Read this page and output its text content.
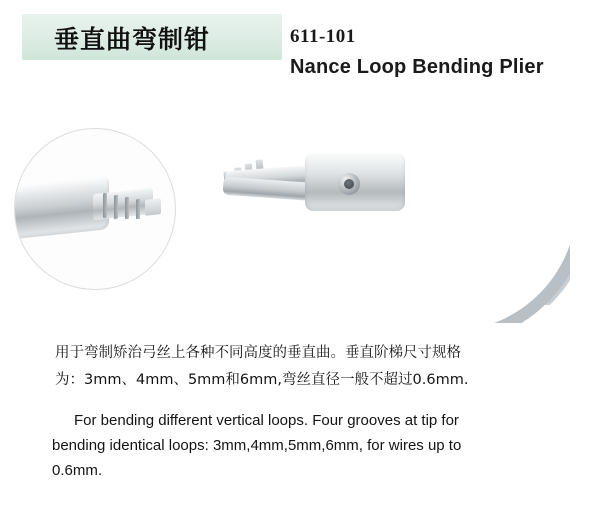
垂直曲弯制钳	611-101
Nance Loop Bending Plier

用于弯制矫治弓丝上各种不同高度的垂直曲。垂直阶梯尺寸规格
为：3mm、4mm、5mm和6mm,弯丝直径一般不超过0.6mm.

For bending different vertical loops. Four grooves at tip for
bending identical loops: 3mm,4mm,5mm,6mm, for wires up to
0.6mm.
